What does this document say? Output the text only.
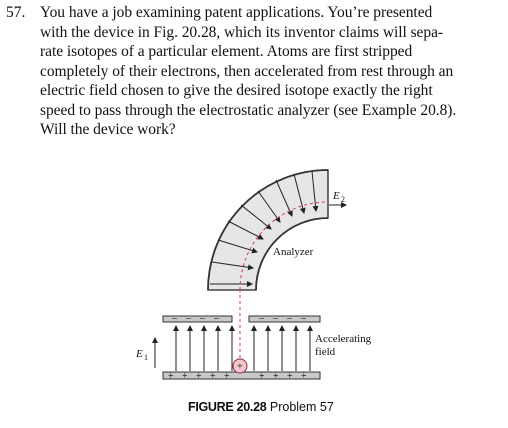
57. You have a job examining patent applications. You’re presented
with the device in Fig. 20.28, which its inventor claims will sepa-
rate isotopes of a particular element. Atoms are first stripped
completely of their electrons, then accelerated from rest through an
electric field chosen to give the desired isotope exactly the right
speed to pass through the electrostatic analyzer (see Example 20.8).
Will the device work?
– – – –	– – – –
+ + + + +	+ + + +
+
Analyzer
E 2
E 1
Accelerating
field
FIGURE 20.28 Problem 57
